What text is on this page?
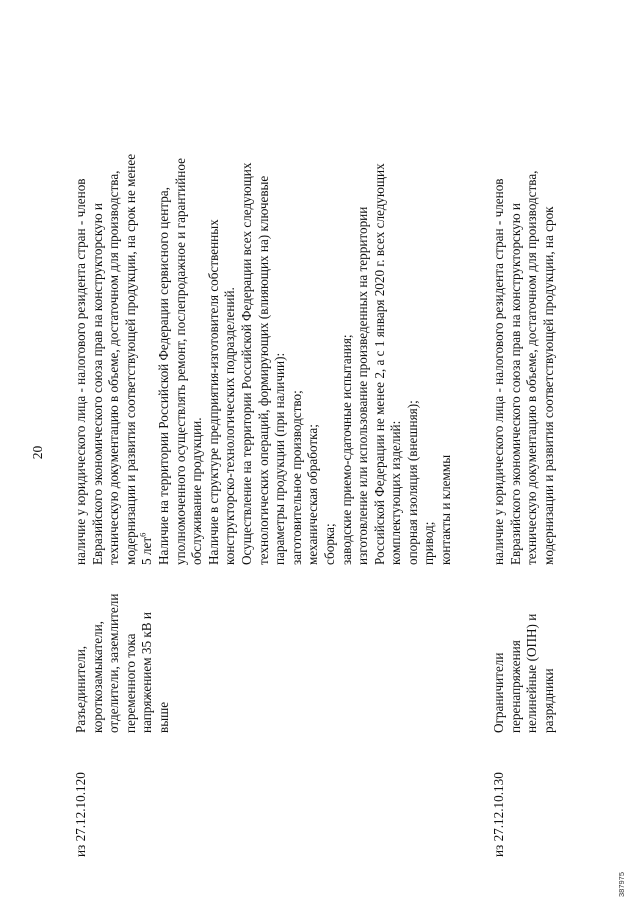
20
из 27.12.10.120
Разъединители, короткозамыкатели, отделители, заземлители переменного тока напряжением 35 кВ и выше
наличие у юридического лица - налогового резидента стран - членов Евразийского экономического союза прав на конструкторскую и техническую документацию в объеме, достаточном для производства, модернизации и развития соответствующей продукции, на срок не менее 5 лет$^6$ Наличие на территории Российской Федерации сервисного центра, уполномоченного осуществлять ремонт, послепродажное и гарантийное обслуживание продукции. Наличие в структуре предприятия-изготовителя собственных конструкторско-технологических подразделений. Осуществление на территории Российской Федерации всех следующих технологических операций, формирующих (влияющих на) ключевые параметры продукции (при наличии): заготовительное производство; механическая обработка; сборка; заводские приемо-сдаточные испытания; изготовление или использование произведенных на территории Российской Федерации не менее 2, а с 1 января 2020 г. всех следующих комплектующих изделий: опорная изоляция (внешняя); привод; контакты и клеммы
из 27.12.10.130
Ограничители перенапряжения нелинейные (ОПН) и разрядники
наличие у юридического лица - налогового резидента стран - членов Евразийского экономического союза прав на конструкторскую и техническую документацию в объеме, достаточном для производства, модернизации и развития соответствующей продукции, на срок
387975
